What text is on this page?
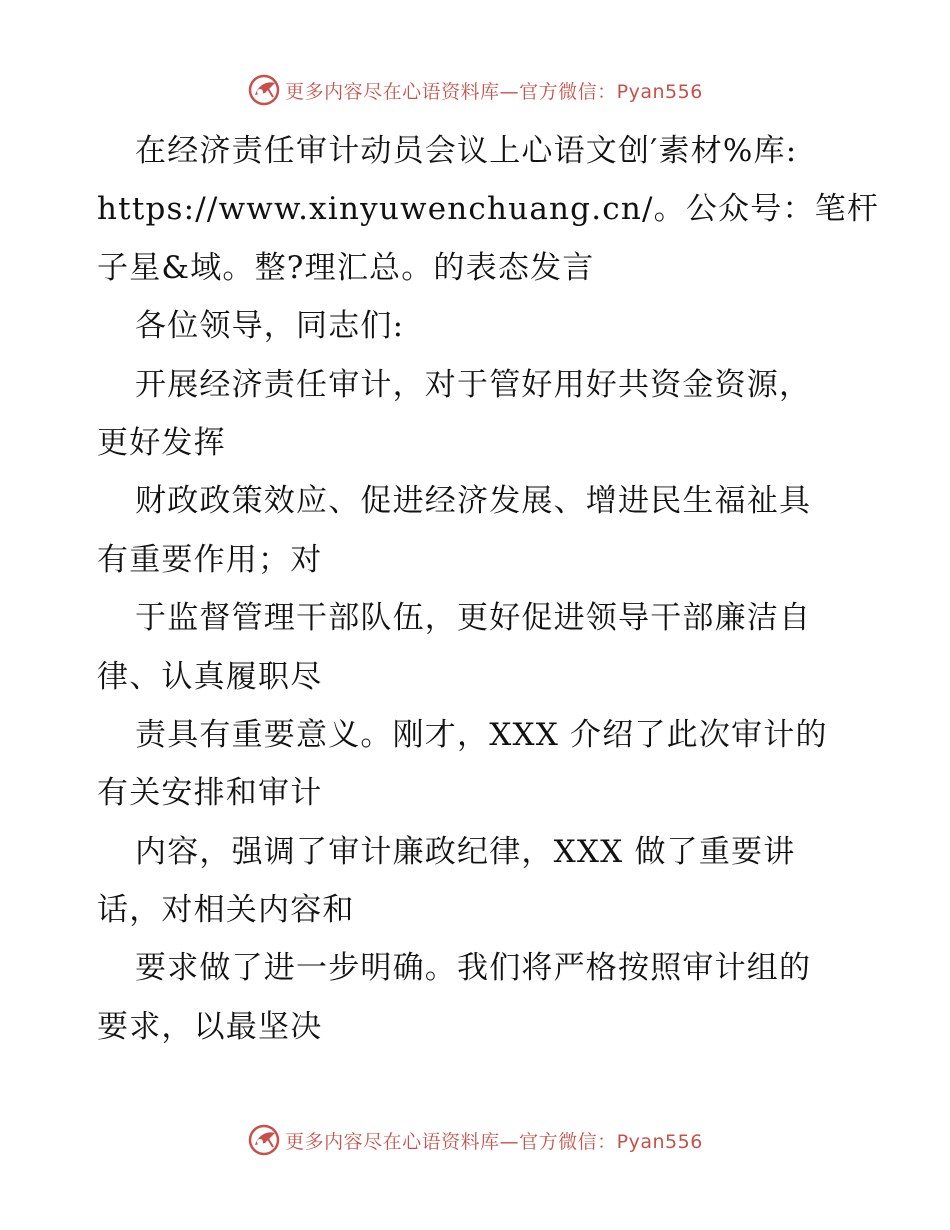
更多内容尽在心语资料库—官方微信：Pyan556
在经济责任审计动员会议上心语文创′素材%库:
https://www.xinyuwenchuang.cn/。公众号：笔杆
子星&域。整?理汇总。的表态发言
各位领导，同志们:
开展经济责任审计，对于管好用好共资金资源，
更好发挥
财政政策效应、促进经济发展、增进民生福祉具
有重要作用；对
于监督管理干部队伍，更好促进领导干部廉洁自
律、认真履职尽
责具有重要意义。刚才，XXX 介绍了此次审计的
有关安排和审计
内容，强调了审计廉政纪律，XXX 做了重要讲
话，对相关内容和
要求做了进一步明确。我们将严格按照审计组的
要求，以最坚决
更多内容尽在心语资料库—官方微信：Pyan556
